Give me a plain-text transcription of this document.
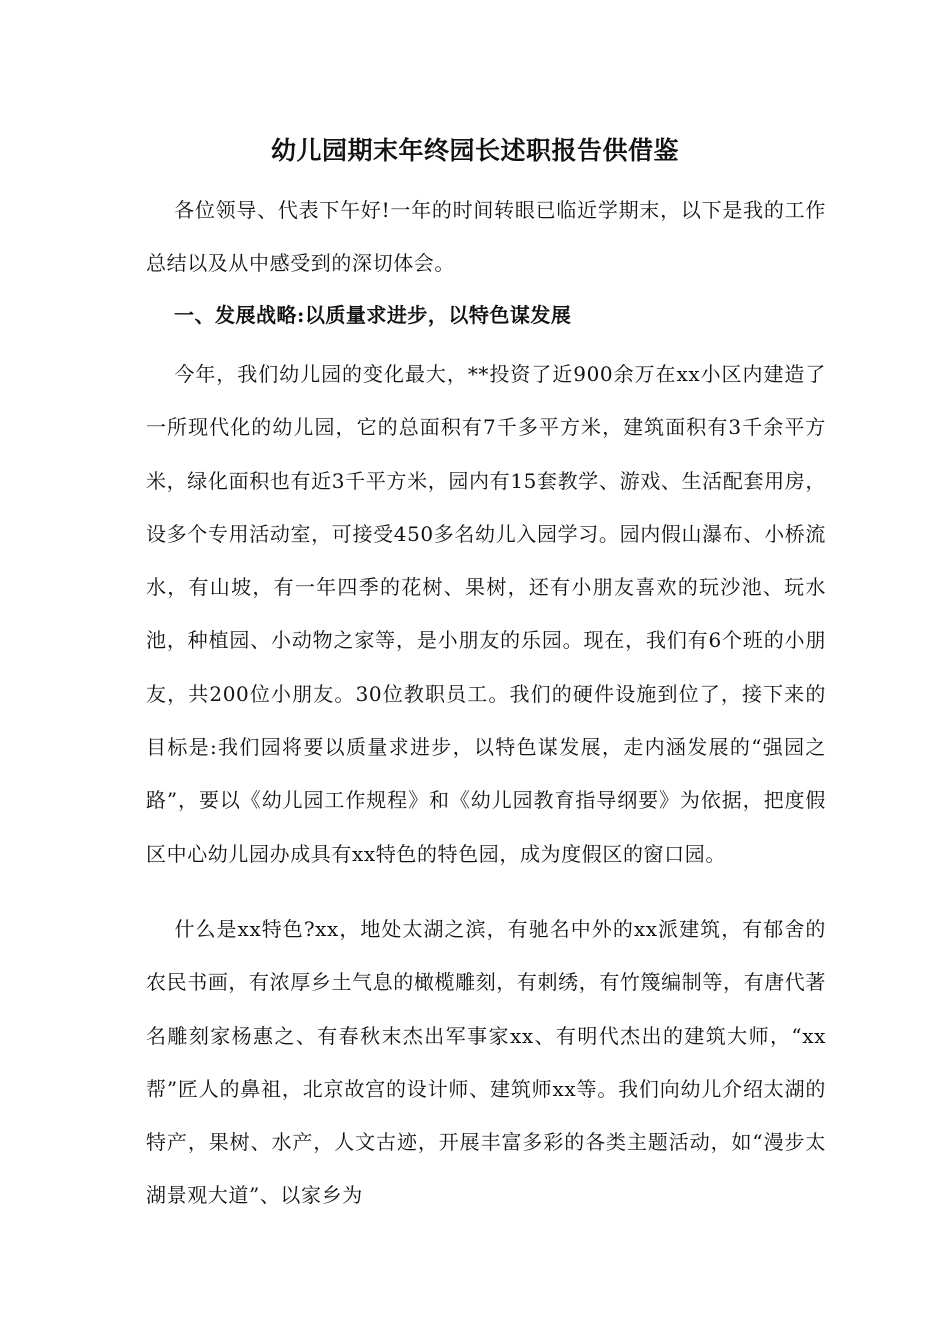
幼儿园期末年终园长述职报告供借鉴

各位领导、代表下午好!一年的时间转眼已临近学期末，以下是我的工作总结以及从中感受到的深切体会。

一、发展战略:以质量求进步，以特色谋发展

今年，我们幼儿园的变化最大，**投资了近900余万在xx小区内建造了一所现代化的幼儿园，它的总面积有7千多平方米，建筑面积有3千余平方米，绿化面积也有近3千平方米，园内有15套教学、游戏、生活配套用房，设多个专用活动室，可接受450多名幼儿入园学习。园内假山瀑布、小桥流水，有山坡，有一年四季的花树、果树，还有小朋友喜欢的玩沙池、玩水池，种植园、小动物之家等，是小朋友的乐园。现在，我们有6个班的小朋友，共200位小朋友。30位教职员工。我们的硬件设施到位了，接下来的目标是:我们园将要以质量求进步，以特色谋发展，走内涵发展的“强园之路”，要以《幼儿园工作规程》和《幼儿园教育指导纲要》为依据，把度假区中心幼儿园办成具有xx特色的特色园，成为度假区的窗口园。

什么是xx特色?xx，地处太湖之滨，有驰名中外的xx派建筑，有郁舍的农民书画，有浓厚乡土气息的橄榄雕刻，有刺绣，有竹篾编制等，有唐代著名雕刻家杨惠之、有春秋末杰出军事家xx、有明代杰出的建筑大师，“xx帮”匠人的鼻祖，北京故宫的设计师、建筑师xx等。我们向幼儿介绍太湖的特产，果树、水产，人文古迹，开展丰富多彩的各类主题活动，如“漫步太湖景观大道”、以家乡为
